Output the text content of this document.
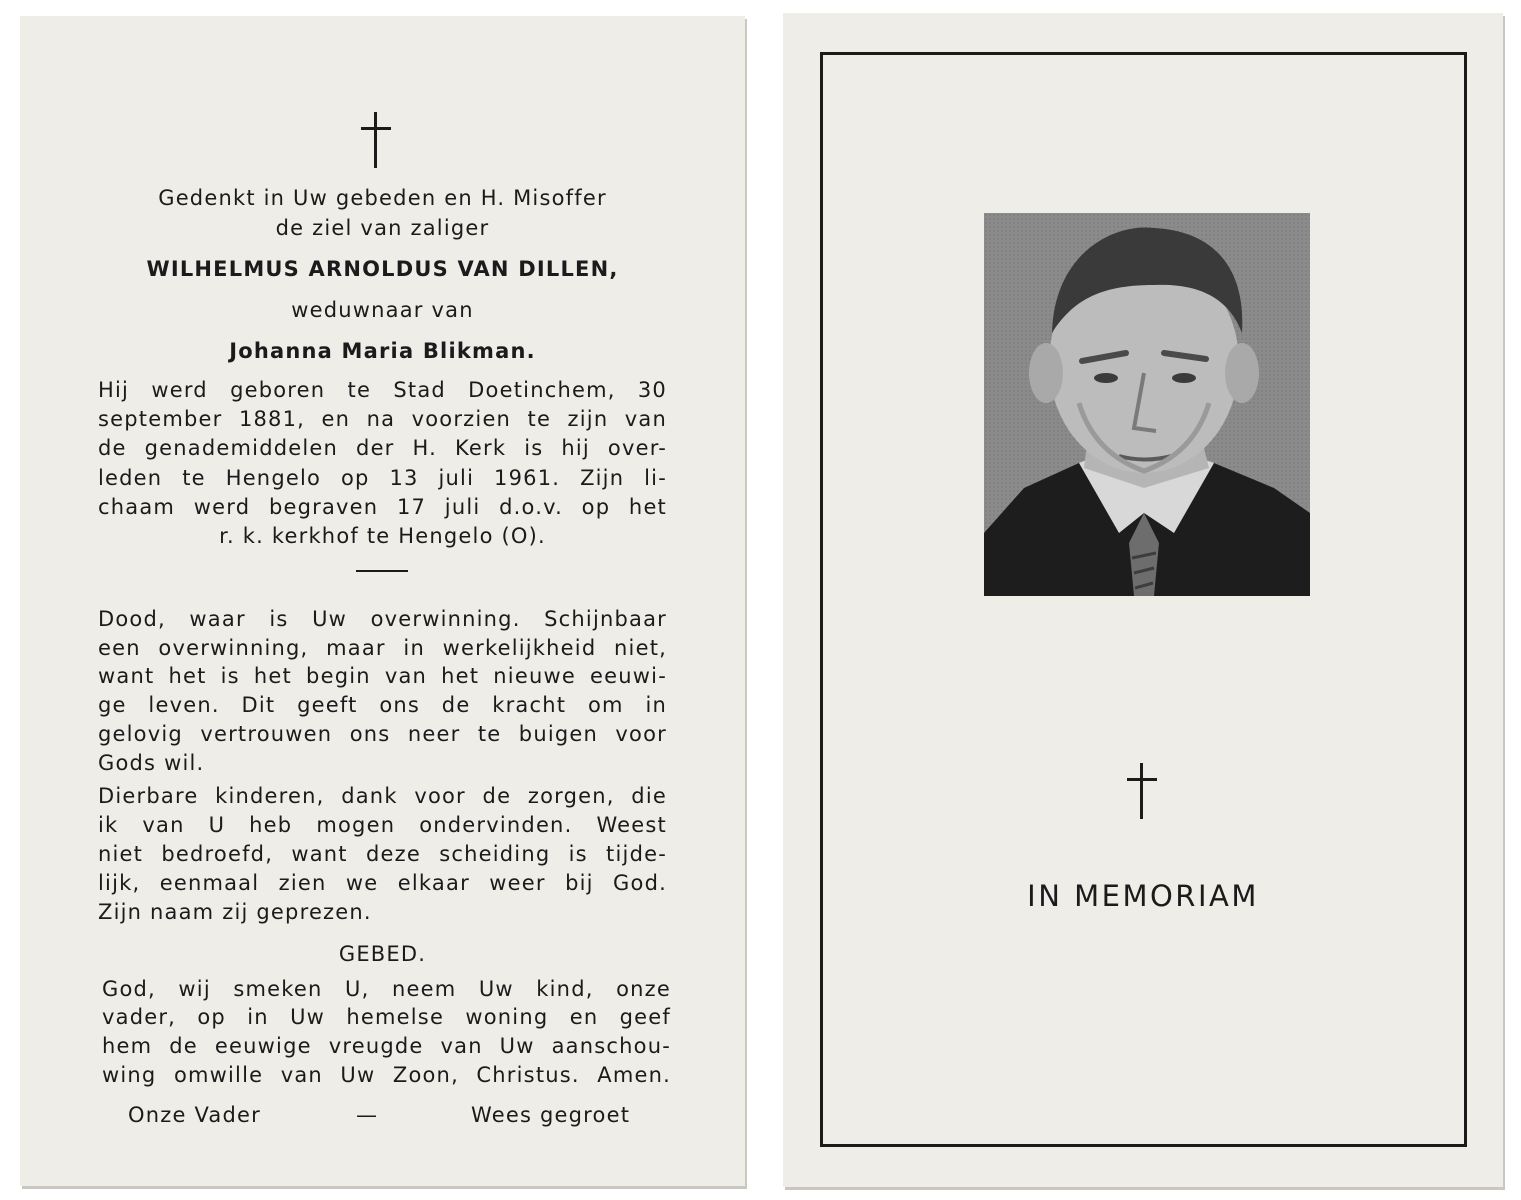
Gedenkt in Uw gebeden en H. Misoffer
de ziel van zaliger
WILHELMUS ARNOLDUS VAN DILLEN,
weduwnaar van
Johanna Maria Blikman.
Hij werd geboren te Stad Doetinchem, 30
september 1881, en na voorzien te zijn van
de genademiddelen der H. Kerk is hij over-
leden te Hengelo op 13 juli 1961. Zijn li-
chaam werd begraven 17 juli d.o.v. op het
r. k. kerkhof te Hengelo (O).
Dood, waar is Uw overwinning. Schijnbaar
een overwinning, maar in werkelijkheid niet,
want het is het begin van het nieuwe eeuwi-
ge leven. Dit geeft ons de kracht om in
gelovig vertrouwen ons neer te buigen voor
Gods wil.
Dierbare kinderen, dank voor de zorgen, die
ik van U heb mogen ondervinden. Weest
niet bedroefd, want deze scheiding is tijde-
lijk, eenmaal zien we elkaar weer bij God.
Zijn naam zij geprezen.
GEBED.
God, wij smeken U, neem Uw kind, onze
vader, op in Uw hemelse woning en geef
hem de eeuwige vreugde van Uw aanschou-
wing omwille van Uw Zoon, Christus. Amen.
Onze Vader	—	Wees gegroet
IN MEMORIAM
